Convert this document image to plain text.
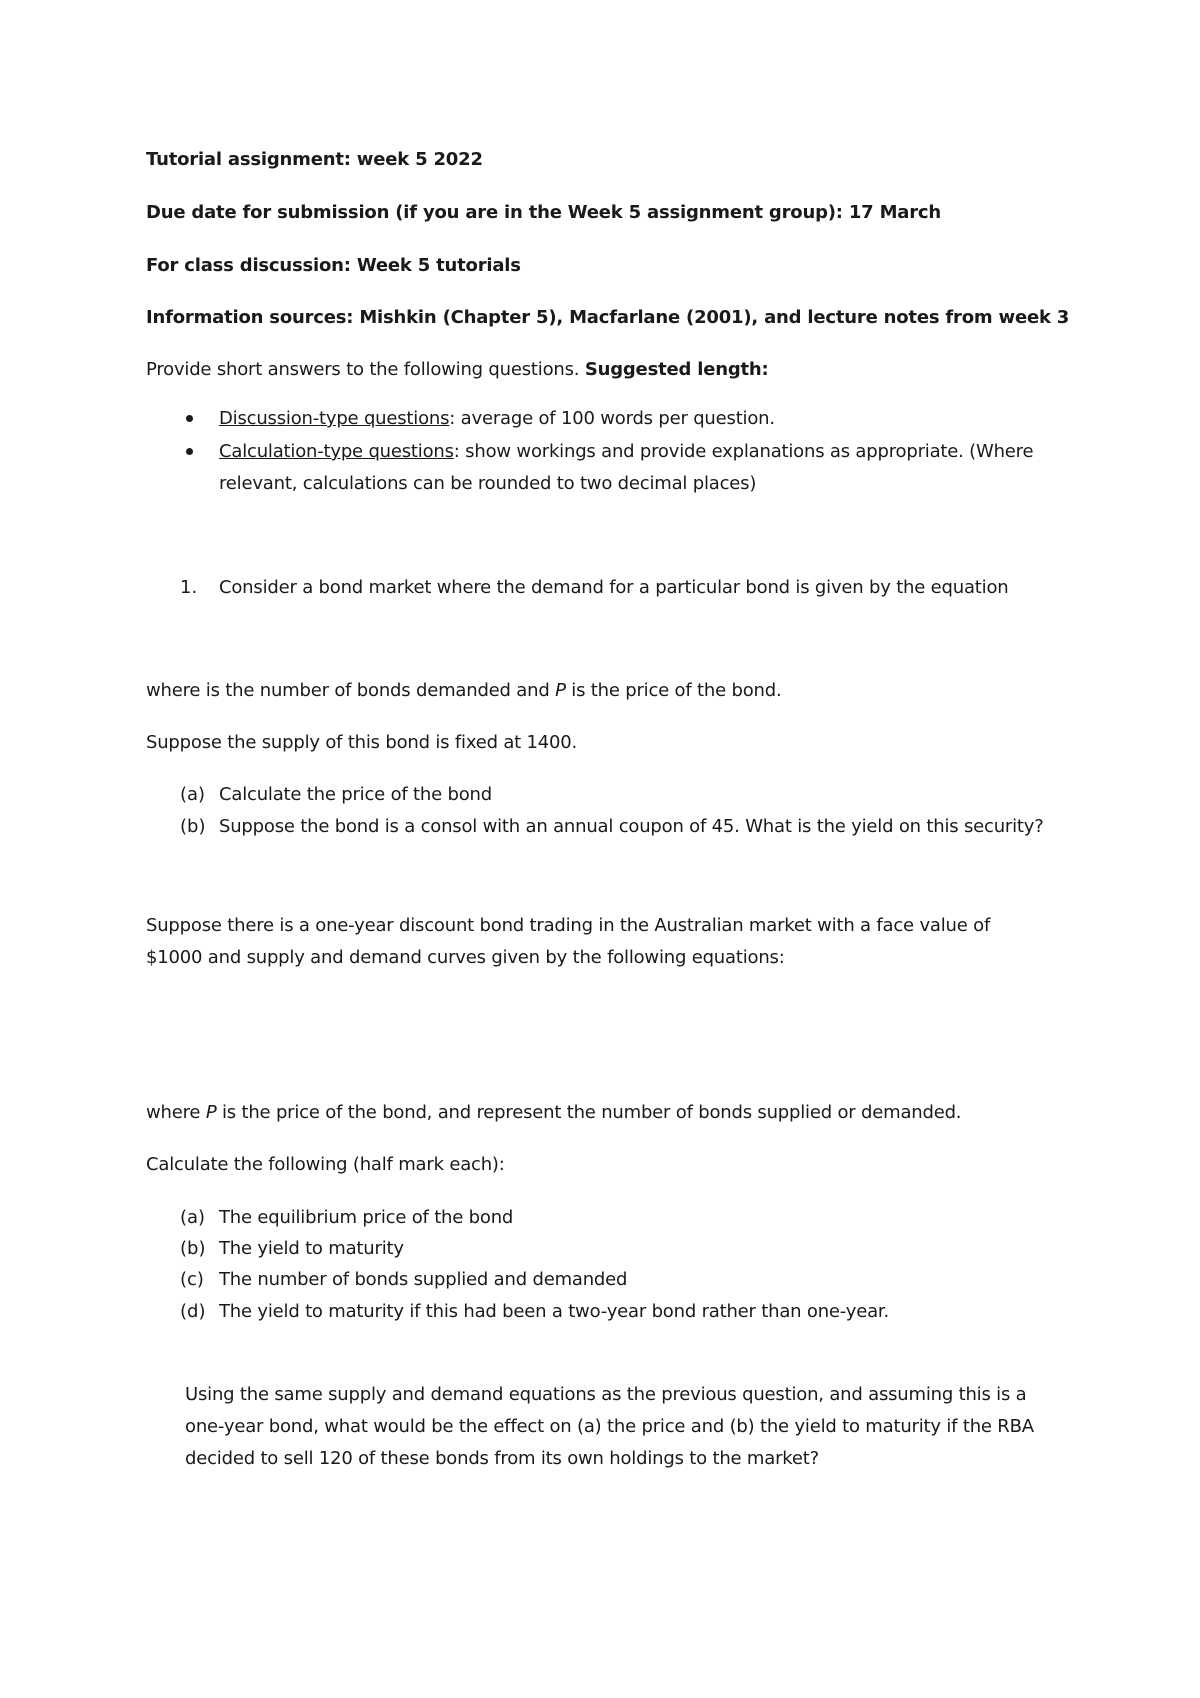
Tutorial assignment: week 5 2022
Due date for submission (if you are in the Week 5 assignment group): 17 March
For class discussion: Week 5 tutorials
Information sources: Mishkin (Chapter 5), Macfarlane (2001), and lecture notes from week 3
Provide short answers to the following questions. Suggested length:
Discussion-type questions: average of 100 words per question.
Calculation-type questions: show workings and provide explanations as appropriate. (Where
relevant, calculations can be rounded to two decimal places)
1. Consider a bond market where the demand for a particular bond is given by the equation
where is the number of bonds demanded and P is the price of the bond.
Suppose the supply of this bond is fixed at 1400.
(a) Calculate the price of the bond
(b) Suppose the bond is a consol with an annual coupon of 45. What is the yield on this security?
Suppose there is a one-year discount bond trading in the Australian market with a face value of
$1000 and supply and demand curves given by the following equations:
where P is the price of the bond, and represent the number of bonds supplied or demanded.
Calculate the following (half mark each):
(a) The equilibrium price of the bond
(b) The yield to maturity
(c) The number of bonds supplied and demanded
(d) The yield to maturity if this had been a two-year bond rather than one-year.
Using the same supply and demand equations as the previous question, and assuming this is a
one-year bond, what would be the effect on (a) the price and (b) the yield to maturity if the RBA
decided to sell 120 of these bonds from its own holdings to the market?
